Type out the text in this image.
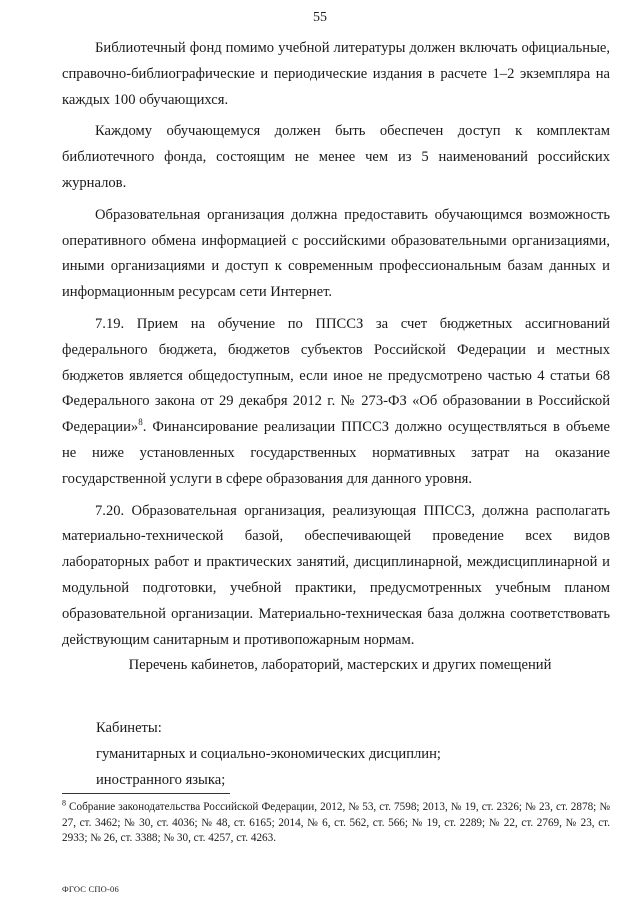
55

Библиотечный фонд помимо учебной литературы должен включать официальные, справочно-библиографические и периодические издания в расчете 1–2 экземпляра на каждых 100 обучающихся.

Каждому обучающемуся должен быть обеспечен доступ к комплектам библиотечного фонда, состоящим не менее чем из 5 наименований российских журналов.

Образовательная организация должна предоставить обучающимся возможность оперативного обмена информацией с российскими образовательными организациями, иными организациями и доступ к современным профессиональным базам данных и информационным ресурсам сети Интернет.

7.19. Прием на обучение по ППССЗ за счет бюджетных ассигнований федерального бюджета, бюджетов субъектов Российской Федерации и местных бюджетов является общедоступным, если иное не предусмотрено частью 4 статьи 68 Федерального закона от 29 декабря 2012 г. № 273-ФЗ «Об образовании в Российской Федерации»$^8$. Финансирование реализации ППССЗ должно осуществляться в объеме не ниже установленных государственных нормативных затрат на оказание государственной услуги в сфере образования для данного уровня.

7.20. Образовательная организация, реализующая ППССЗ, должна располагать материально-технической базой, обеспечивающей проведение всех видов лабораторных работ и практических занятий, дисциплинарной, междисциплинарной и модульной подготовки, учебной практики, предусмотренных учебным планом образовательной организации. Материально-техническая база должна соответствовать действующим санитарным и противопожарным нормам.

Перечень кабинетов, лабораторий, мастерских и других помещений
Кабинеты:
гуманитарных и социально-экономических дисциплин;
иностранного языка;
$^8$ Собрание законодательства Российской Федерации, 2012, № 53, ст. 7598; 2013, № 19, ст. 2326; № 23, ст. 2878; № 27, ст. 3462; № 30, ст. 4036; № 48, ст. 6165; 2014, № 6, ст. 562, ст. 566; № 19, ст. 2289; № 22, ст. 2769, № 23, ст. 2933; № 26, ст. 3388; № 30, ст. 4257, ст. 4263.
ФГОС СПО-06
